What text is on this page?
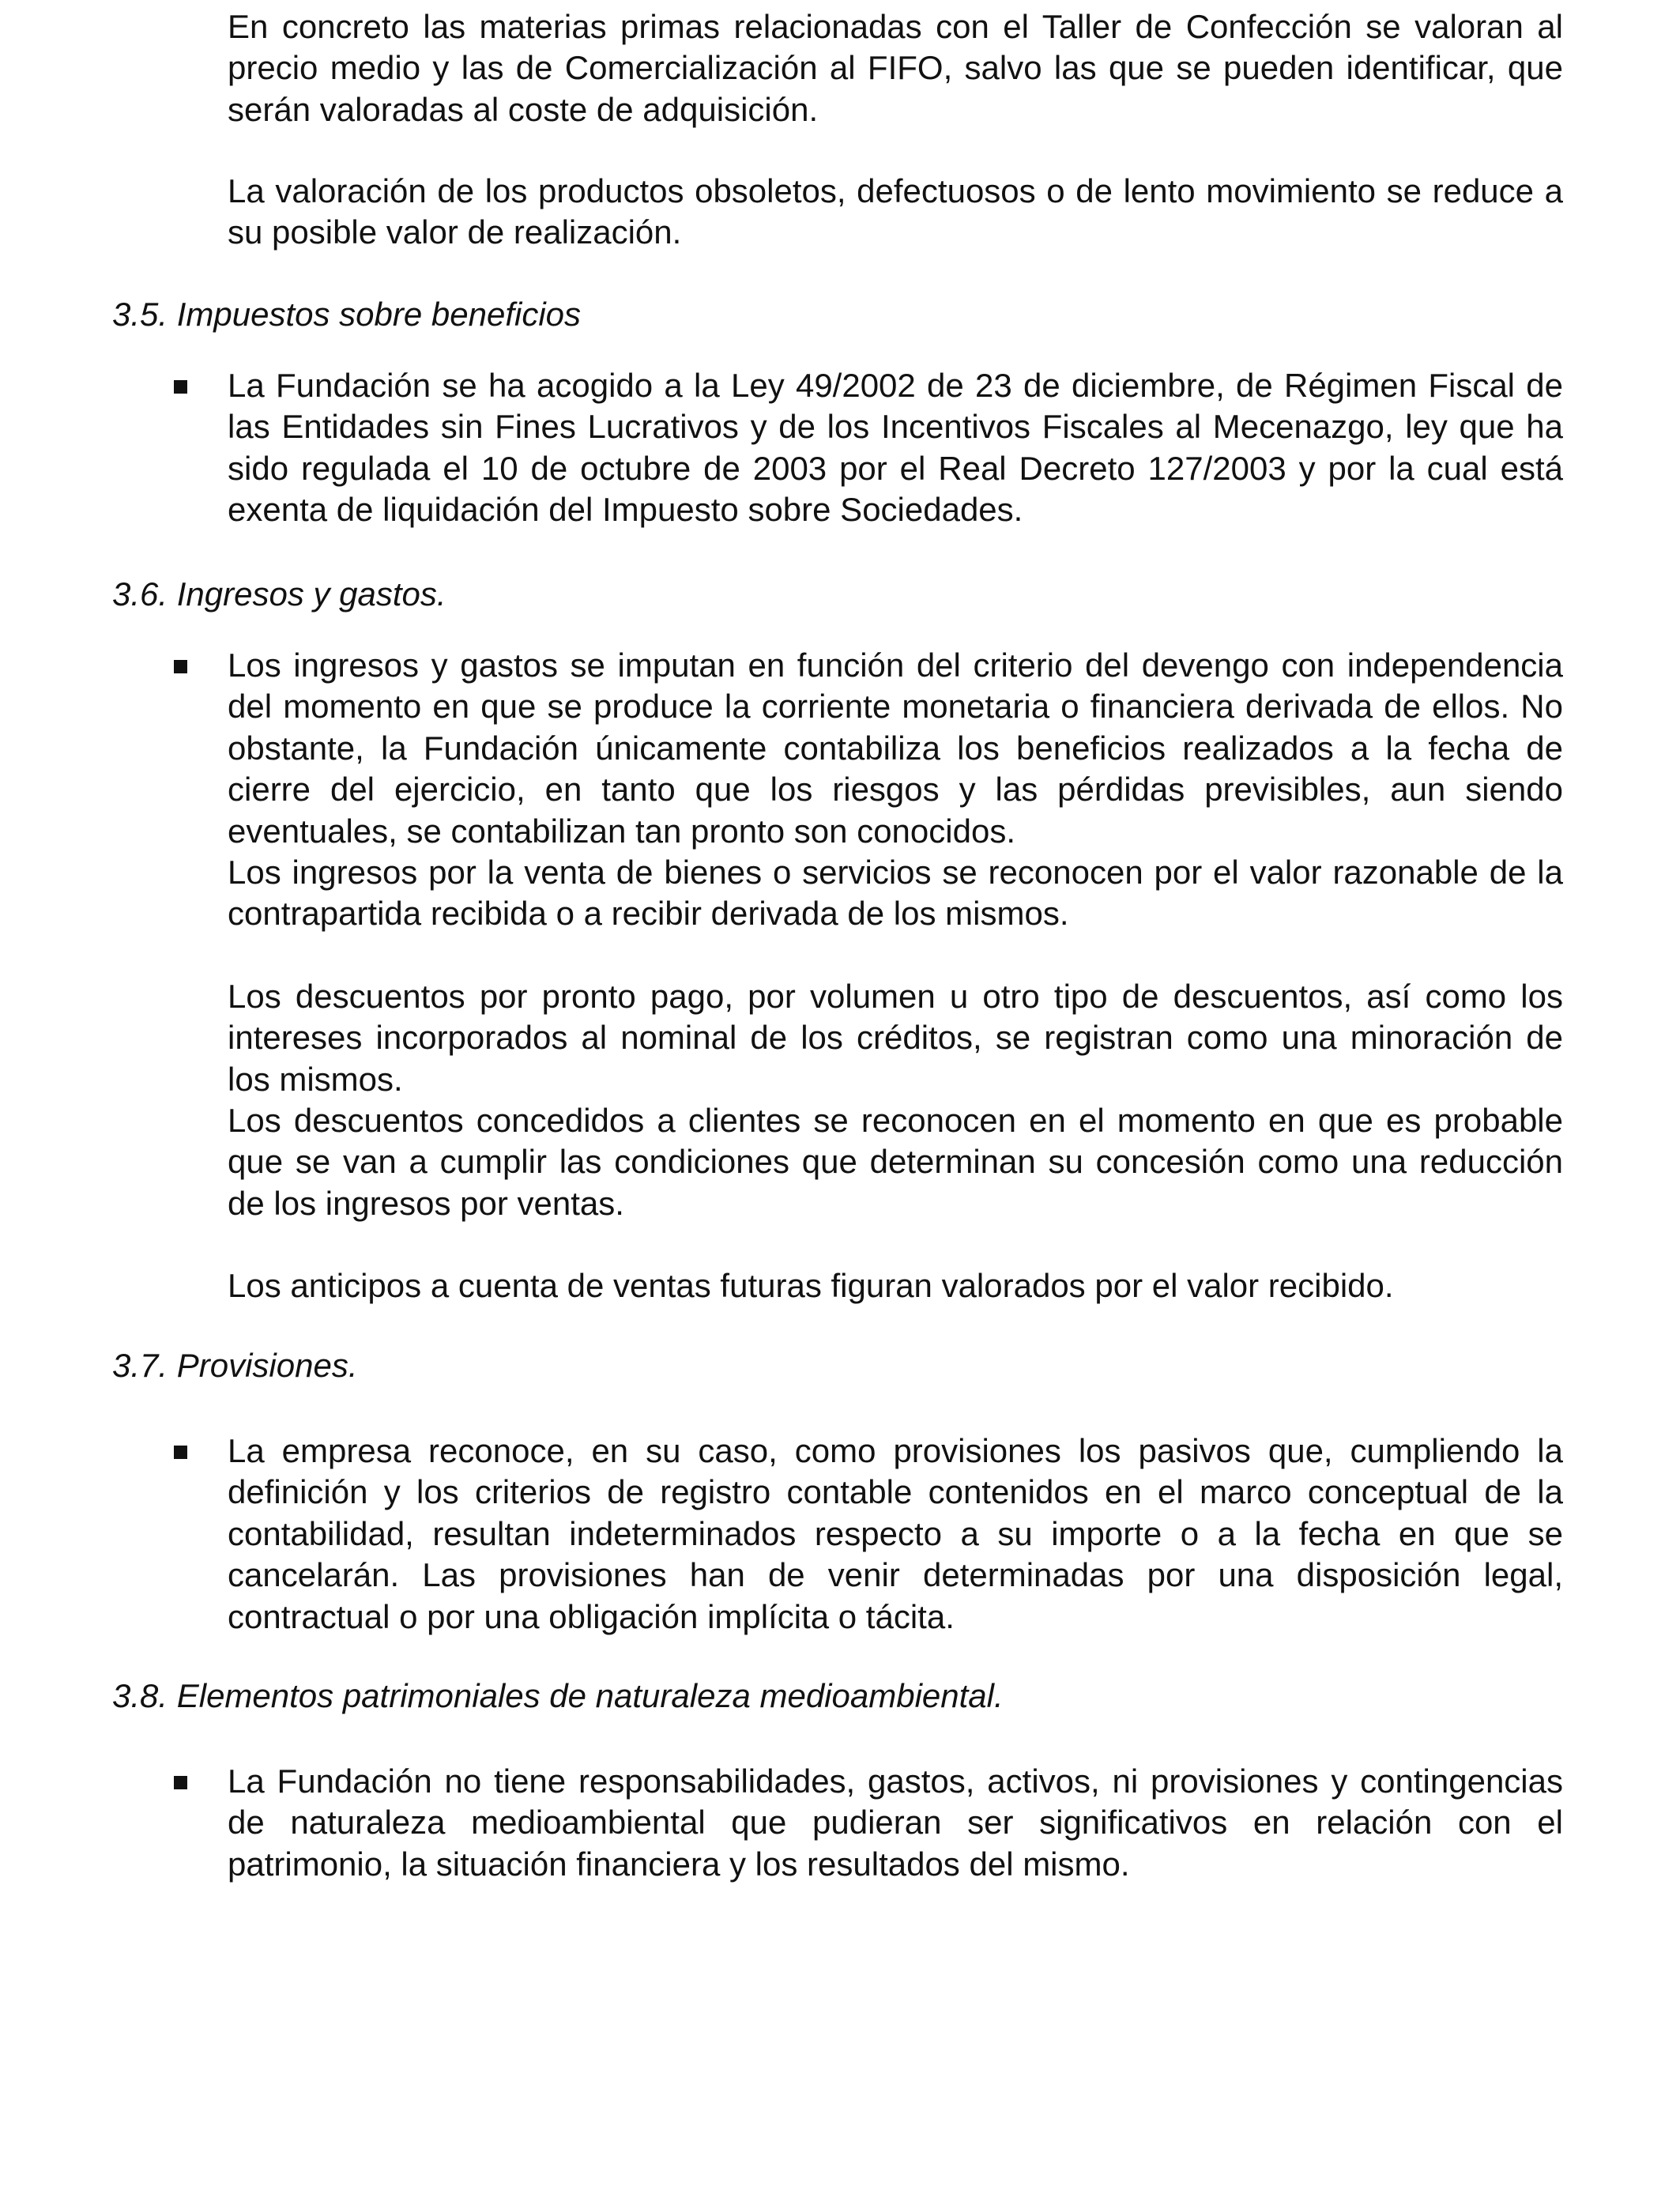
En concreto las materias primas relacionadas con el Taller de Confección se valoran al precio medio y las de Comercialización al FIFO, salvo las que se pueden identificar, que serán valoradas al coste de adquisición.

La valoración de los productos obsoletos, defectuosos o de lento movimiento se reduce a su posible valor de realización.

3.5. Impuestos sobre beneficios

La Fundación se ha acogido a la Ley 49/2002 de 23 de diciembre, de Régimen Fiscal de las Entidades sin Fines Lucrativos y de los Incentivos Fiscales al Mecenazgo, ley que ha sido regulada el 10 de octubre de 2003 por el Real Decreto 127/2003 y por la cual está exenta de liquidación del Impuesto sobre Sociedades.

3.6. Ingresos y gastos.
Los ingresos y gastos se imputan en función del criterio del devengo con independencia del momento en que se produce la corriente monetaria o financiera derivada de ellos. No obstante, la Fundación únicamente contabiliza los beneficios realizados a la fecha de cierre del ejercicio, en tanto que los riesgos y las pérdidas previsibles, aun siendo eventuales, se contabilizan tan pronto son conocidos.
Los ingresos por la venta de bienes o servicios se reconocen por el valor razonable de la contrapartida recibida o a recibir derivada de los mismos.
Los descuentos por pronto pago, por volumen u otro tipo de descuentos, así como los intereses incorporados al nominal de los créditos, se registran como una minoración de los mismos.
Los descuentos concedidos a clientes se reconocen en el momento en que es probable que se van a cumplir las condiciones que determinan su concesión como una reducción de los ingresos por ventas.
Los anticipos a cuenta de ventas futuras figuran valorados por el valor recibido.
3.7. Provisiones.

La empresa reconoce, en su caso, como provisiones los pasivos que, cumpliendo la definición y los criterios de registro contable contenidos en el marco conceptual de la contabilidad, resultan indeterminados respecto a su importe o a la fecha en que se cancelarán. Las provisiones han de venir determinadas por una disposición legal, contractual o por una obligación implícita o tácita.

3.8. Elementos patrimoniales de naturaleza medioambiental.

La Fundación no tiene responsabilidades, gastos, activos, ni provisiones y contingencias de naturaleza medioambiental que pudieran ser significativos en relación con el patrimonio, la situación financiera y los resultados del mismo.
